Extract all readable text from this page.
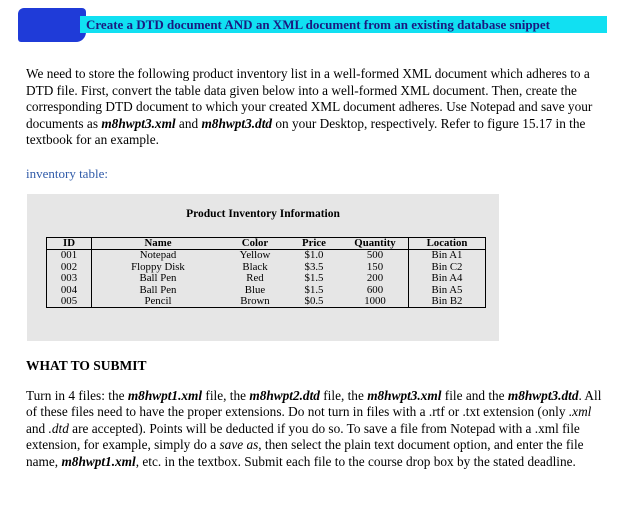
Create a DTD document AND an XML document from an existing database snippet
We need to store the following product inventory list in a well-formed XML document which adheres to a DTD file. First, convert the table data given below into a well-formed XML document. Then, create the corresponding DTD document to which your created XML document adheres. Use Notepad and save your documents as m8hwpt3.xml and m8hwpt3.dtd on your Desktop, respectively. Refer to figure 15.17 in the textbook for an example.
inventory table:
Product Inventory Information
ID	Name	Color	Price	Quantity	Location
001	Notepad	Yellow	$1.0	500	Bin A1
002	Floppy Disk	Black	$3.5	150	Bin C2
003	Ball Pen	Red	$1.5	200	Bin A4
004	Ball Pen	Blue	$1.5	600	Bin A5
005	Pencil	Brown	$0.5	1000	Bin B2
WHAT TO SUBMIT
Turn in 4 files: the m8hwpt1.xml file, the m8hwpt2.dtd file, the m8hwpt3.xml file and the m8hwpt3.dtd. All of these files need to have the proper extensions. Do not turn in files with a .rtf or .txt extension (only .xml and .dtd are accepted). Points will be deducted if you do so. To save a file from Notepad with a .xml file extension, for example, simply do a save as, then select the plain text document option, and enter the file name, m8hwpt1.xml, etc. in the textbox. Submit each file to the course drop box by the stated deadline.
